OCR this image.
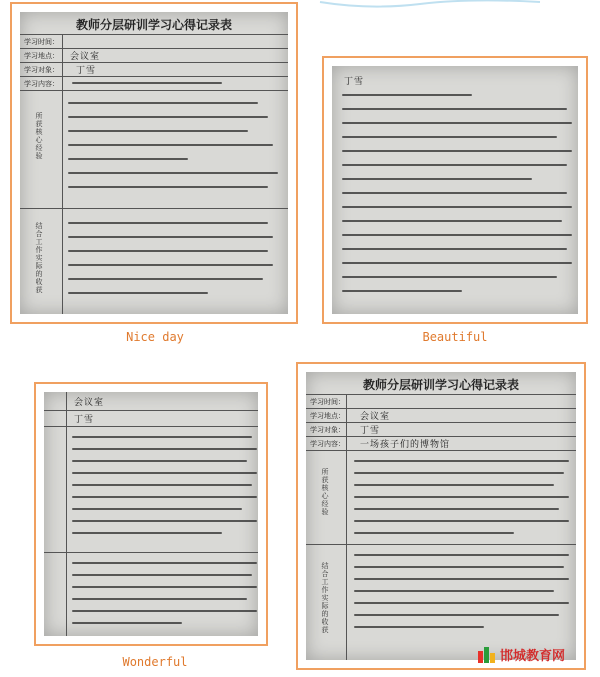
教师分层研训学习心得记录表
学习时间：
学习地点：
学习对象：
学习内容：
会议室
丁雪
所获核心经验
结合工作实际的收获
Nice day
丁雪
Beautiful
会议室
丁雪
Wonderful
教师分层研训学习心得记录表
学习时间：
学习地点：
学习对象：
学习内容：
会议室
丁雪
一场孩子们的博物馆
所获核心经验
结合工作实际的收获
邯城教育网
